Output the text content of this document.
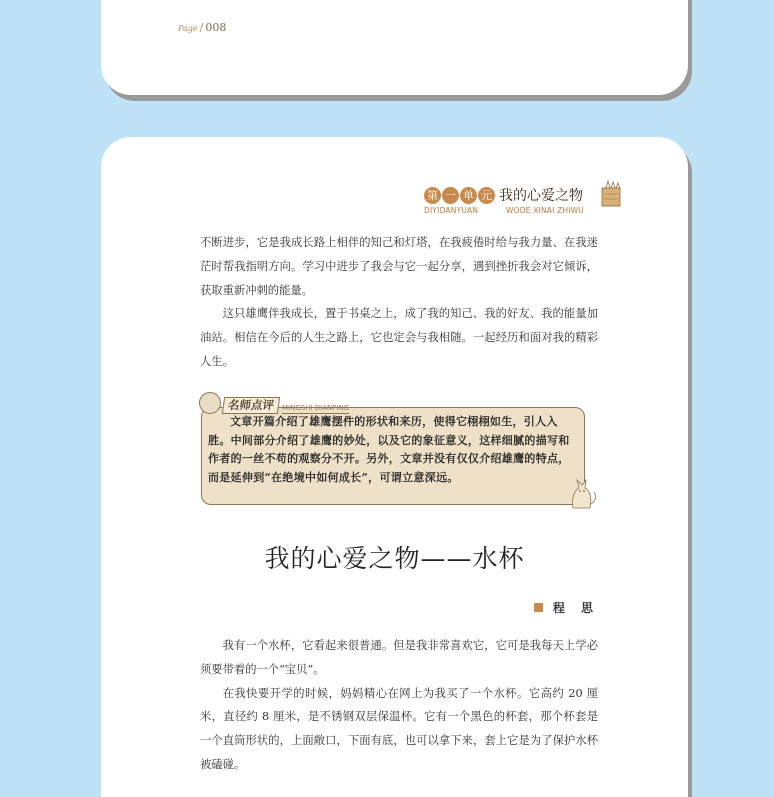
Page / 008
第 一 单 元 我的心爱之物
DIYIDANYUAN	WODE XINAI ZHIWU

不断进步，它是我成长路上相伴的知己和灯塔，在我疲倦时给与我力量、在我迷茫时帮我指明方向。学习中进步了我会与它一起分享，遇到挫折我会对它倾诉，获取重新冲刺的能量。

这只雄鹰伴我成长，置于书桌之上，成了我的知己、我的好友、我的能量加油站。相信在今后的人生之路上，它也定会与我相随。一起经历和面对我的精彩人生。

名师点评 MINGSHI DIANPING
文章开篇介绍了雄鹰摆件的形状和来历，使得它栩栩如生，引人入胜。中间部分介绍了雄鹰的妙处，以及它的象征意义，这样细腻的描写和作者的一丝不苟的观察分不开。另外，文章并没有仅仅介绍雄鹰的特点，而是延伸到“在绝境中如何成长”，可谓立意深远。
我的心爱之物——水杯
程 思

我有一个水杯，它看起来很普通。但是我非常喜欢它，它可是我每天上学必须要带着的一个“宝贝”。

在我快要开学的时候，妈妈精心在网上为我买了一个水杯。它高约 20 厘米，直径约 8 厘米，是不锈钢双层保温杯。它有一个黑色的杯套，那个杯套是一个直筒形状的，上面敞口，下面有底，也可以拿下来，套上它是为了保护水杯被磕碰。
